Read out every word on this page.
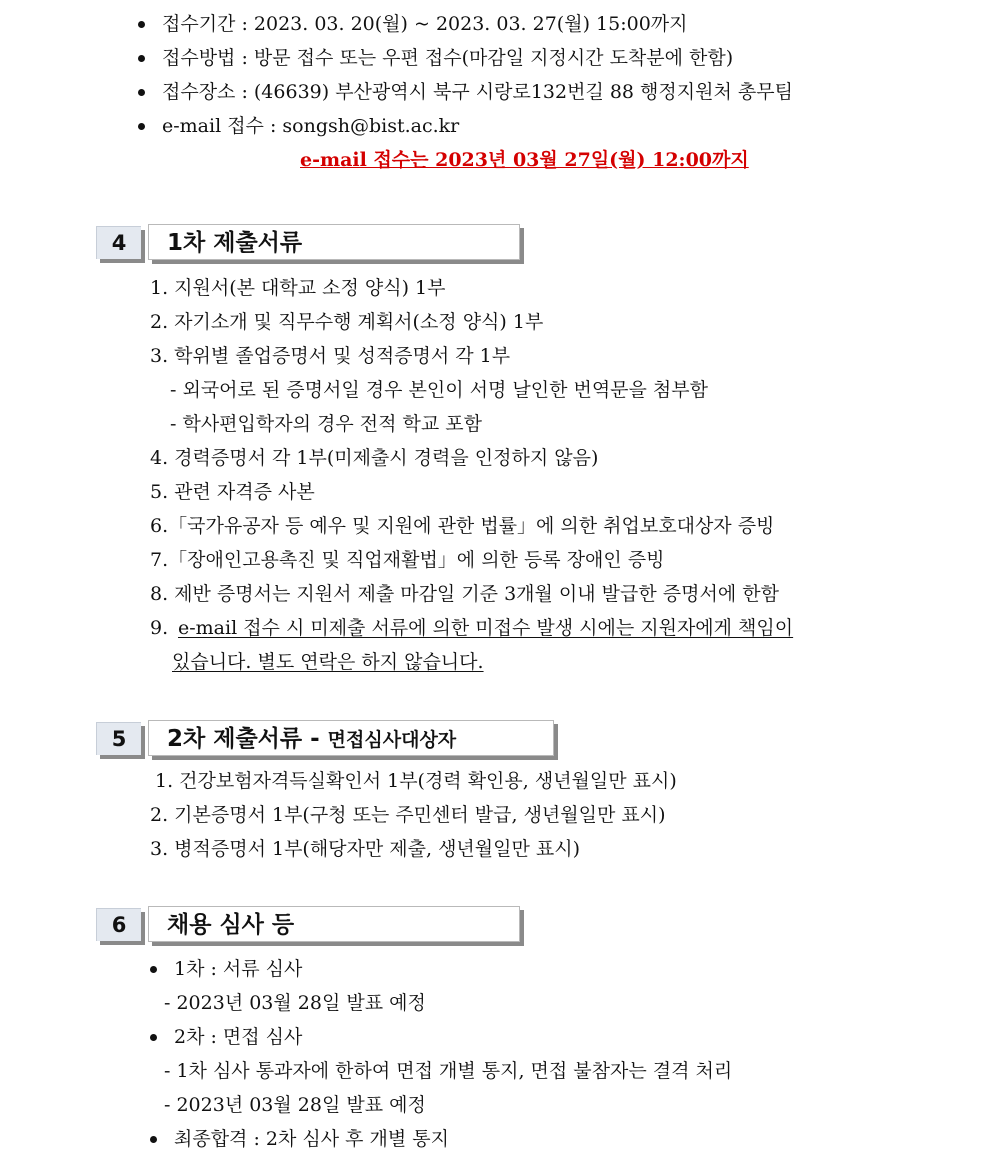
접수기간 : 2023. 03. 20(월) ~ 2023. 03. 27(월) 15:00까지
접수방법 : 방문 접수 또는 우편 접수(마감일 지정시간 도착분에 한함)
접수장소 : (46639) 부산광역시 북구 시랑로132번길 88 행정지원처 총무팀
e-mail 접수 : songsh@bist.ac.kr
e-mail 접수는 2023년 03월 27일(월) 12:00까지
4	1차 제출서류
1. 지원서(본 대학교 소정 양식) 1부
2. 자기소개 및 직무수행 계획서(소정 양식) 1부
3. 학위별 졸업증명서 및 성적증명서 각 1부
- 외국어로 된 증명서일 경우 본인이 서명 날인한 번역문을 첨부함
- 학사편입학자의 경우 전적 학교 포함
4. 경력증명서 각 1부(미제출시 경력을 인정하지 않음)
5. 관련 자격증 사본
6.「국가유공자 등 예우 및 지원에 관한 법률」에 의한 취업보호대상자 증빙
7.「장애인고용촉진 및 직업재활법」에 의한 등록 장애인 증빙
8. 제반 증명서는 지원서 제출 마감일 기준 3개월 이내 발급한 증명서에 한함
9. e-mail 접수 시 미제출 서류에 의한 미접수 발생 시에는 지원자에게 책임이
있습니다. 별도 연락은 하지 않습니다.
5	2차 제출서류 - 면접심사대상자
1. 건강보험자격득실확인서 1부(경력 확인용, 생년월일만 표시)
2. 기본증명서 1부(구청 또는 주민센터 발급, 생년월일만 표시)
3. 병적증명서 1부(해당자만 제출, 생년월일만 표시)
6	채용 심사 등
1차 : 서류 심사
- 2023년 03월 28일 발표 예정
2차 : 면접 심사
- 1차 심사 통과자에 한하여 면접 개별 통지, 면접 불참자는 결격 처리
- 2023년 03월 28일 발표 예정
최종합격 : 2차 심사 후 개별 통지
